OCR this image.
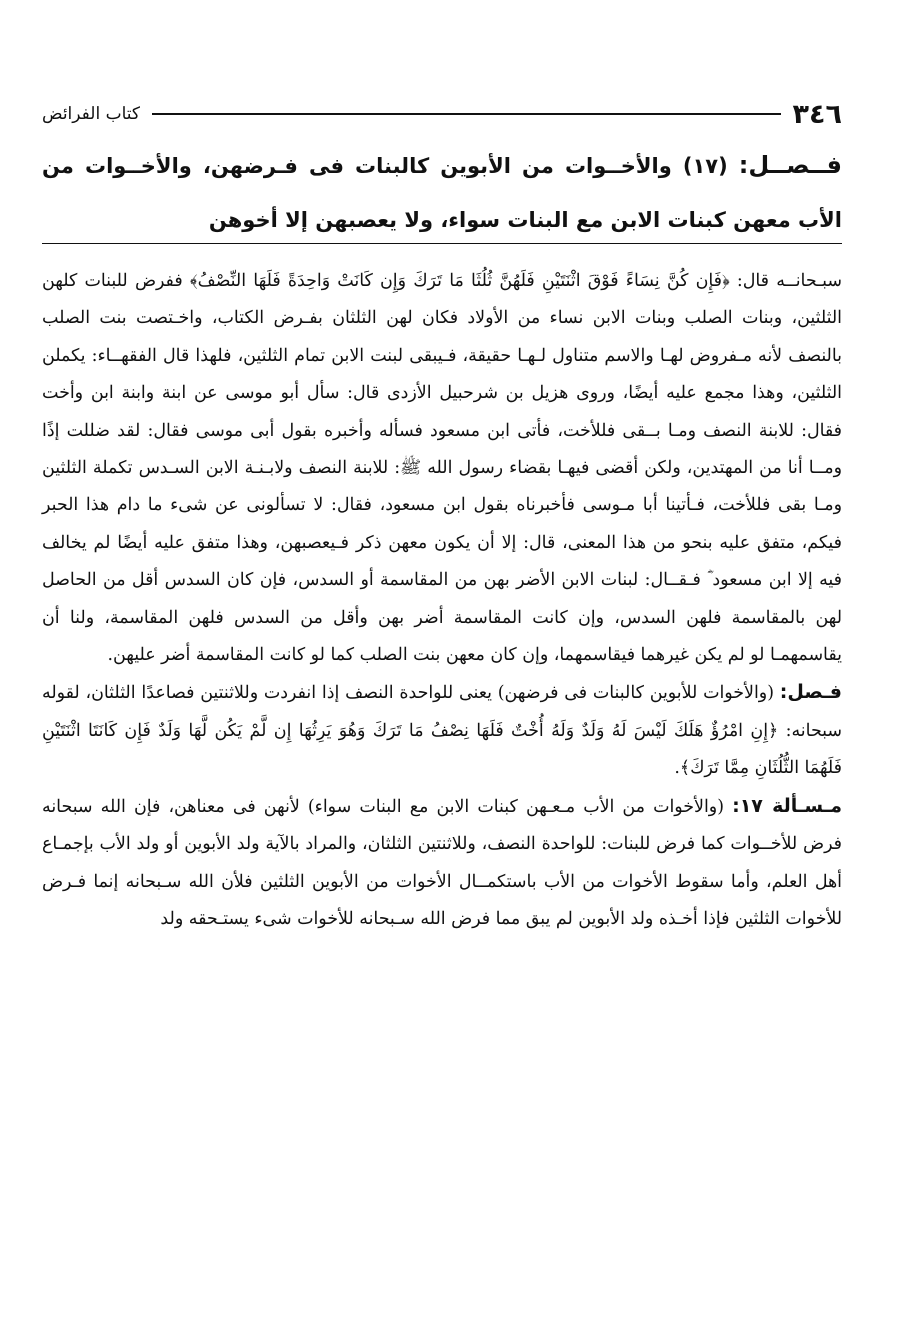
٣٤٦
كتاب الفرائض
فــصــل: (١٧) والأخــوات من الأبوين كالبنات فى فـرضهن، والأخــوات من الأب معهن كبنات الابن مع البنات سواء، ولا يعصبهن إلا أخوهن

سبـحانــه قال: ﴿فَإِن كُنَّ نِسَاءً فَوْقَ اثْنَتَيْنِ فَلَهُنَّ ثُلُثَا مَا تَرَكَ وَإِن كَانَتْ وَاحِدَةً فَلَهَا النِّصْفُ﴾ ففرض للبنات كلهن الثلثين، وبنات الصلب وبنات الابن نساء من الأولاد فكان لهن الثلثان بفـرض الكتاب، واخـتصت بنت الصلب بالنصف لأنه مـفروض لهـا والاسم متناول لـهـا حقيقة، فـيبقى لبنت الابن تمام الثلثين، فلهذا قال الفقهــاء: يكملن الثلثين، وهذا مجمع عليه أيضًا، وروى هزيل بن شرحبيل الأزدى قال: سأل أبو موسى عن ابنة وابنة ابن وأخت فقال: للابنة النصف ومـا بــقى فللأخت، فأتى ابن مسعود فسأله وأخبره بقول أبى موسى فقال: لقد ضللت إذًا ومــا أنا من المهتدين، ولكن أقضى فيهـا بقضاء رسول الله ﷺ: للابنة النصف ولابـنـة الابن السـدس تكملة الثلثين ومـا بقى فللأخت، فـأتينا أبا مـوسى فأخبرناه بقول ابن مسعود، فقال: لا تسألونى عن شىء ما دام هذا الحبر فيكم، متفق عليه بنحو من هذا المعنى، قال: إلا أن يكون معهن ذكر فـيعصبهن، وهذا متفق عليه أيضًا لم يخالف فيه إلا ابن مسعود ؓ فـقــال: لبنات الابن الأضر بهن من المقاسمة أو السدس، فإن كان السدس أقل من الحاصل لهن بالمقاسمة فلهن السدس، وإن كانت المقاسمة أضر بهن وأقل من السدس فلهن المقاسمة، ولنا أن يقاسمهمـا لو لم يكن غيرهما فيقاسمهما، وإن كان معهن بنت الصلب كما لو كانت المقاسمة أضر عليهن.

فـصل: (والأخوات للأبوين كالبنات فى فرضهن) يعنى للواحدة النصف إذا انفردت وللاثنتين فصاعدًا الثلثان، لقوله سبحانه: ﴿إِنِ امْرُؤٌ هَلَكَ لَيْسَ لَهُ وَلَدٌ وَلَهُ أُخْتٌ فَلَهَا نِصْفُ مَا تَرَكَ وَهُوَ يَرِثُهَا إِن لَّمْ يَكُن لَّهَا وَلَدٌ فَإِن كَانَتَا اثْنَتَيْنِ فَلَهُمَا الثُّلُثَانِ مِمَّا تَرَكَ﴾.

مـسـألة ١٧: (والأخوات من الأب مـعـهن كبنات الابن مع البنات سواء) لأنهن فى معناهن، فإن الله سبحانه فرض للأخــوات كما فرض للبنات: للواحدة النصف، وللاثنتين الثلثان، والمراد بالآية ولد الأبوين أو ولد الأب بإجمـاع أهل العلم، وأما سقوط الأخوات من الأب باستكمــال الأخوات من الأبوين الثلثين فلأن الله سـبحانه إنما فـرض للأخوات الثلثين فإذا أخـذه ولد الأبوين لم يبق مما فرض الله سـبحانه للأخوات شىء يستـحقه ولد
